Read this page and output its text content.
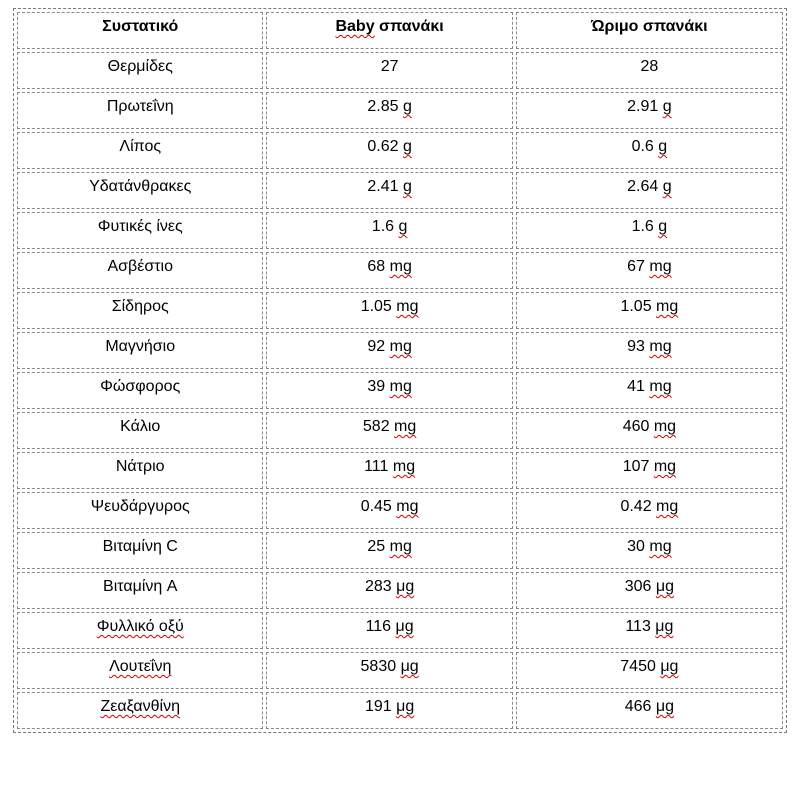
Συστατικό	Baby σπανάκι	Ώριμο σπανάκι

Θερμίδες	27	28

Πρωτεΐνη	2.85 g	2.91 g

Λίπος	0.62 g	0.6 g

Υδατάνθρακες	2.41 g	2.64 g

Φυτικές ίνες	1.6 g	1.6 g

Ασβέστιο	68 mg	67 mg

Σίδηρος	1.05 mg	1.05 mg

Μαγνήσιο	92 mg	93 mg

Φώσφορος	39 mg	41 mg

Κάλιο	582 mg	460 mg

Νάτριο	111 mg	107 mg

Ψευδάργυρος	0.45 mg	0.42 mg

Βιταμίνη C	25 mg	30 mg

Βιταμίνη A	283 μg	306 μg

Φυλλικό οξύ	116 μg	113 μg

Λουτεΐνη	5830 μg	7450 μg

Ζεαξανθίνη	191 μg	466 μg
